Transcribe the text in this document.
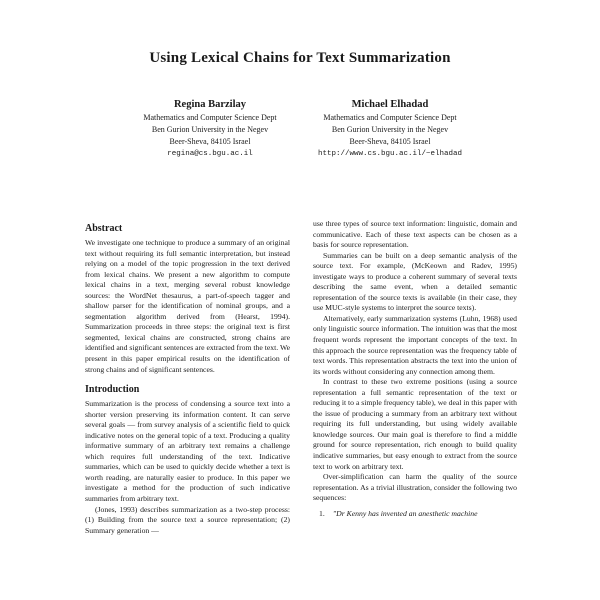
Using Lexical Chains for Text Summarization
Regina Barzilay
Mathematics and Computer Science Dept
Ben Gurion University in the Negev
Beer-Sheva, 84105 Israel
regina@cs.bgu.ac.il
Michael Elhadad
Mathematics and Computer Science Dept
Ben Gurion University in the Negev
Beer-Sheva, 84105 Israel
http://www.cs.bgu.ac.il/~elhadad
Abstract

We investigate one technique to produce a summary of an original text without requiring its full semantic interpretation, but instead relying on a model of the topic progression in the text derived from lexical chains. We present a new algorithm to compute lexical chains in a text, merging several robust knowledge sources: the WordNet thesaurus, a part-of-speech tagger and shallow parser for the identification of nominal groups, and a segmentation algorithm derived from (Hearst, 1994). Summarization proceeds in three steps: the original text is first segmented, lexical chains are constructed, strong chains are identified and significant sentences are extracted from the text. We present in this paper empirical results on the identification of strong chains and of significant sentences.

Introduction

Summarization is the process of condensing a source text into a shorter version preserving its information content. It can serve several goals — from survey analysis of a scientific field to quick indicative notes on the general topic of a text. Producing a quality informative summary of an arbitrary text remains a challenge which requires full understanding of the text. Indicative summaries, which can be used to quickly decide whether a text is worth reading, are naturally easier to produce. In this paper we investigate a method for the production of such indicative summaries from arbitrary text.

(Jones, 1993) describes summarization as a two-step process: (1) Building from the source text a source representation; (2) Summary generation —

use three types of source text information: linguistic, domain and communicative. Each of these text aspects can be chosen as a basis for source representation.

Summaries can be built on a deep semantic analysis of the source text. For example, (McKeown and Radev, 1995) investigate ways to produce a coherent summary of several texts describing the same event, when a detailed semantic representation of the source texts is available (in their case, they use MUC-style systems to interpret the source texts).

Alternatively, early summarization systems (Luhn, 1968) used only linguistic source information. The intuition was that the most frequent words represent the important concepts of the text. In this approach the source representation was the frequency table of text words. This representation abstracts the text into the union of its words without considering any connection among them.

In contrast to these two extreme positions (using a source representation a full semantic representation of the text or reducing it to a simple frequency table), we deal in this paper with the issue of producing a summary from an arbitrary text without requiring its full understanding, but using widely available knowledge sources. Our main goal is therefore to find a middle ground for source representation, rich enough to build quality indicative summaries, but easy enough to extract from the source text to work on arbitrary text.

Over-simplification can harm the quality of the source representation. As a trivial illustration, consider the following two sequences:

1. "Dr Kenny has invented an anesthetic machine
